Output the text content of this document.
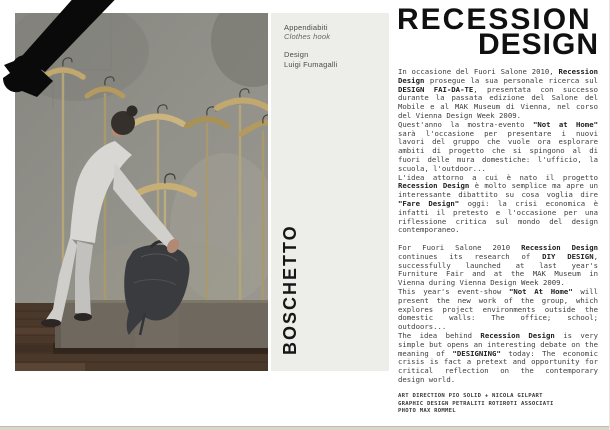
Appendiabiti
Clothes hook
Design
Luigi Fumagalli
BOSCHETTO
RECESSION
DESIGN

In occasione del Fuori Salone 2010, Recession Design prosegue la sua personale ricerca sul DESIGN FAI-DA-TE, presentata con successo durante la passata edizione del Salone del Mobile e al MAK Museum di Vienna, nel corso del Vienna Design Week 2009.

Quest'anno la mostra-evento "Not at Home" sarà l'occasione per presentare i nuovi lavori del gruppo che vuole ora esplorare ambiti di progetto che si spingono al di fuori delle mura domestiche: l'ufficio, la scuola, l'outdoor...

L'idea attorno a cui è nato il progetto Recession Design è molto semplice ma apre un interessante dibattito su cosa voglia dire "Fare Design" oggi: la crisi economica è infatti il pretesto e l'occasione per una riflessione critica sul mondo del design contemporaneo.

For Fuori Salone 2010 Recession Design continues its research of DIY DESIGN, successfully launched at last year's Furniture Fair and at the MAK Museum in Vienna during Vienna Design Week 2009.

This year's event-show "Not At Home" will present the new work of the group, which explores project environments outside the domestic walls: The office; school; outdoors...

The idea behind Recession Design is very simple but opens an interesting debate on the meaning of "DESIGNING" today: The economic crisis is fact a pretext and opportunity for critical reflection on the contemporary design world.

ART DIRECTION PIO SOLID + NICOLA GILPART
GRAPHIC DESIGN PETRALITI ROTIROTI ASSOCIATI
PHOTO MAX ROMMEL
